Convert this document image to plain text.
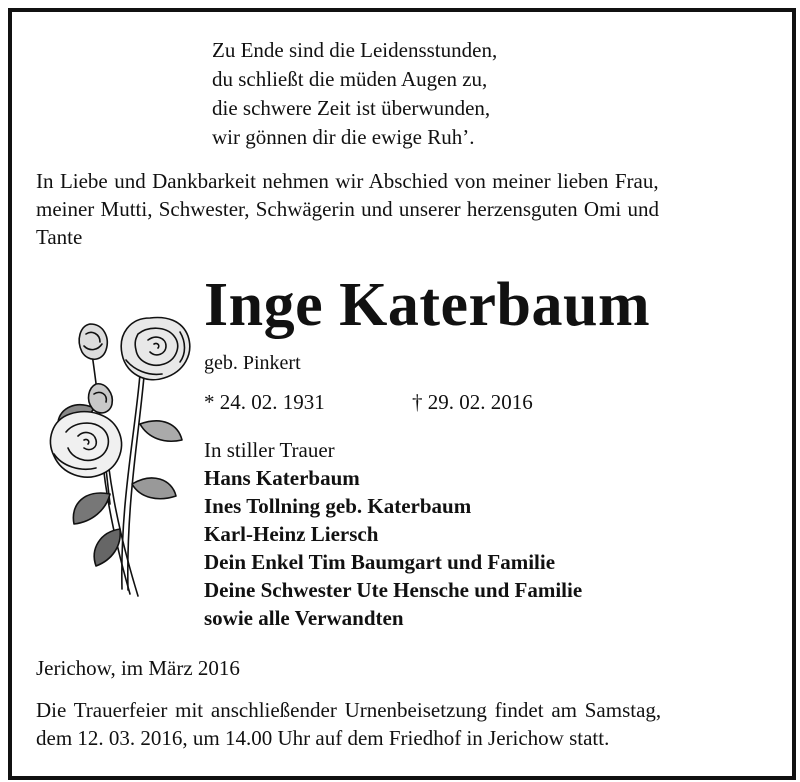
Zu Ende sind die Leidensstunden,
du schließt die müden Augen zu,
die schwere Zeit ist überwunden,
wir gönnen dir die ewige Ruh’.
In Liebe und Dankbarkeit nehmen wir Abschied von meiner lieben Frau,
meiner Mutti, Schwester, Schwägerin und unserer herzensguten Omi und
Tante
Inge Katerbaum
geb. Pinkert
* 24. 02. 1931	† 29. 02. 2016
In stiller Trauer
Hans Katerbaum
Ines Tollning geb. Katerbaum
Karl-Heinz Liersch
Dein Enkel Tim Baumgart und Familie
Deine Schwester Ute Hensche und Familie
sowie alle Verwandten
Jerichow, im März 2016
Die Trauerfeier mit anschließender Urnenbeisetzung findet am Samstag,
dem 12. 03. 2016, um 14.00 Uhr auf dem Friedhof in Jerichow statt.
